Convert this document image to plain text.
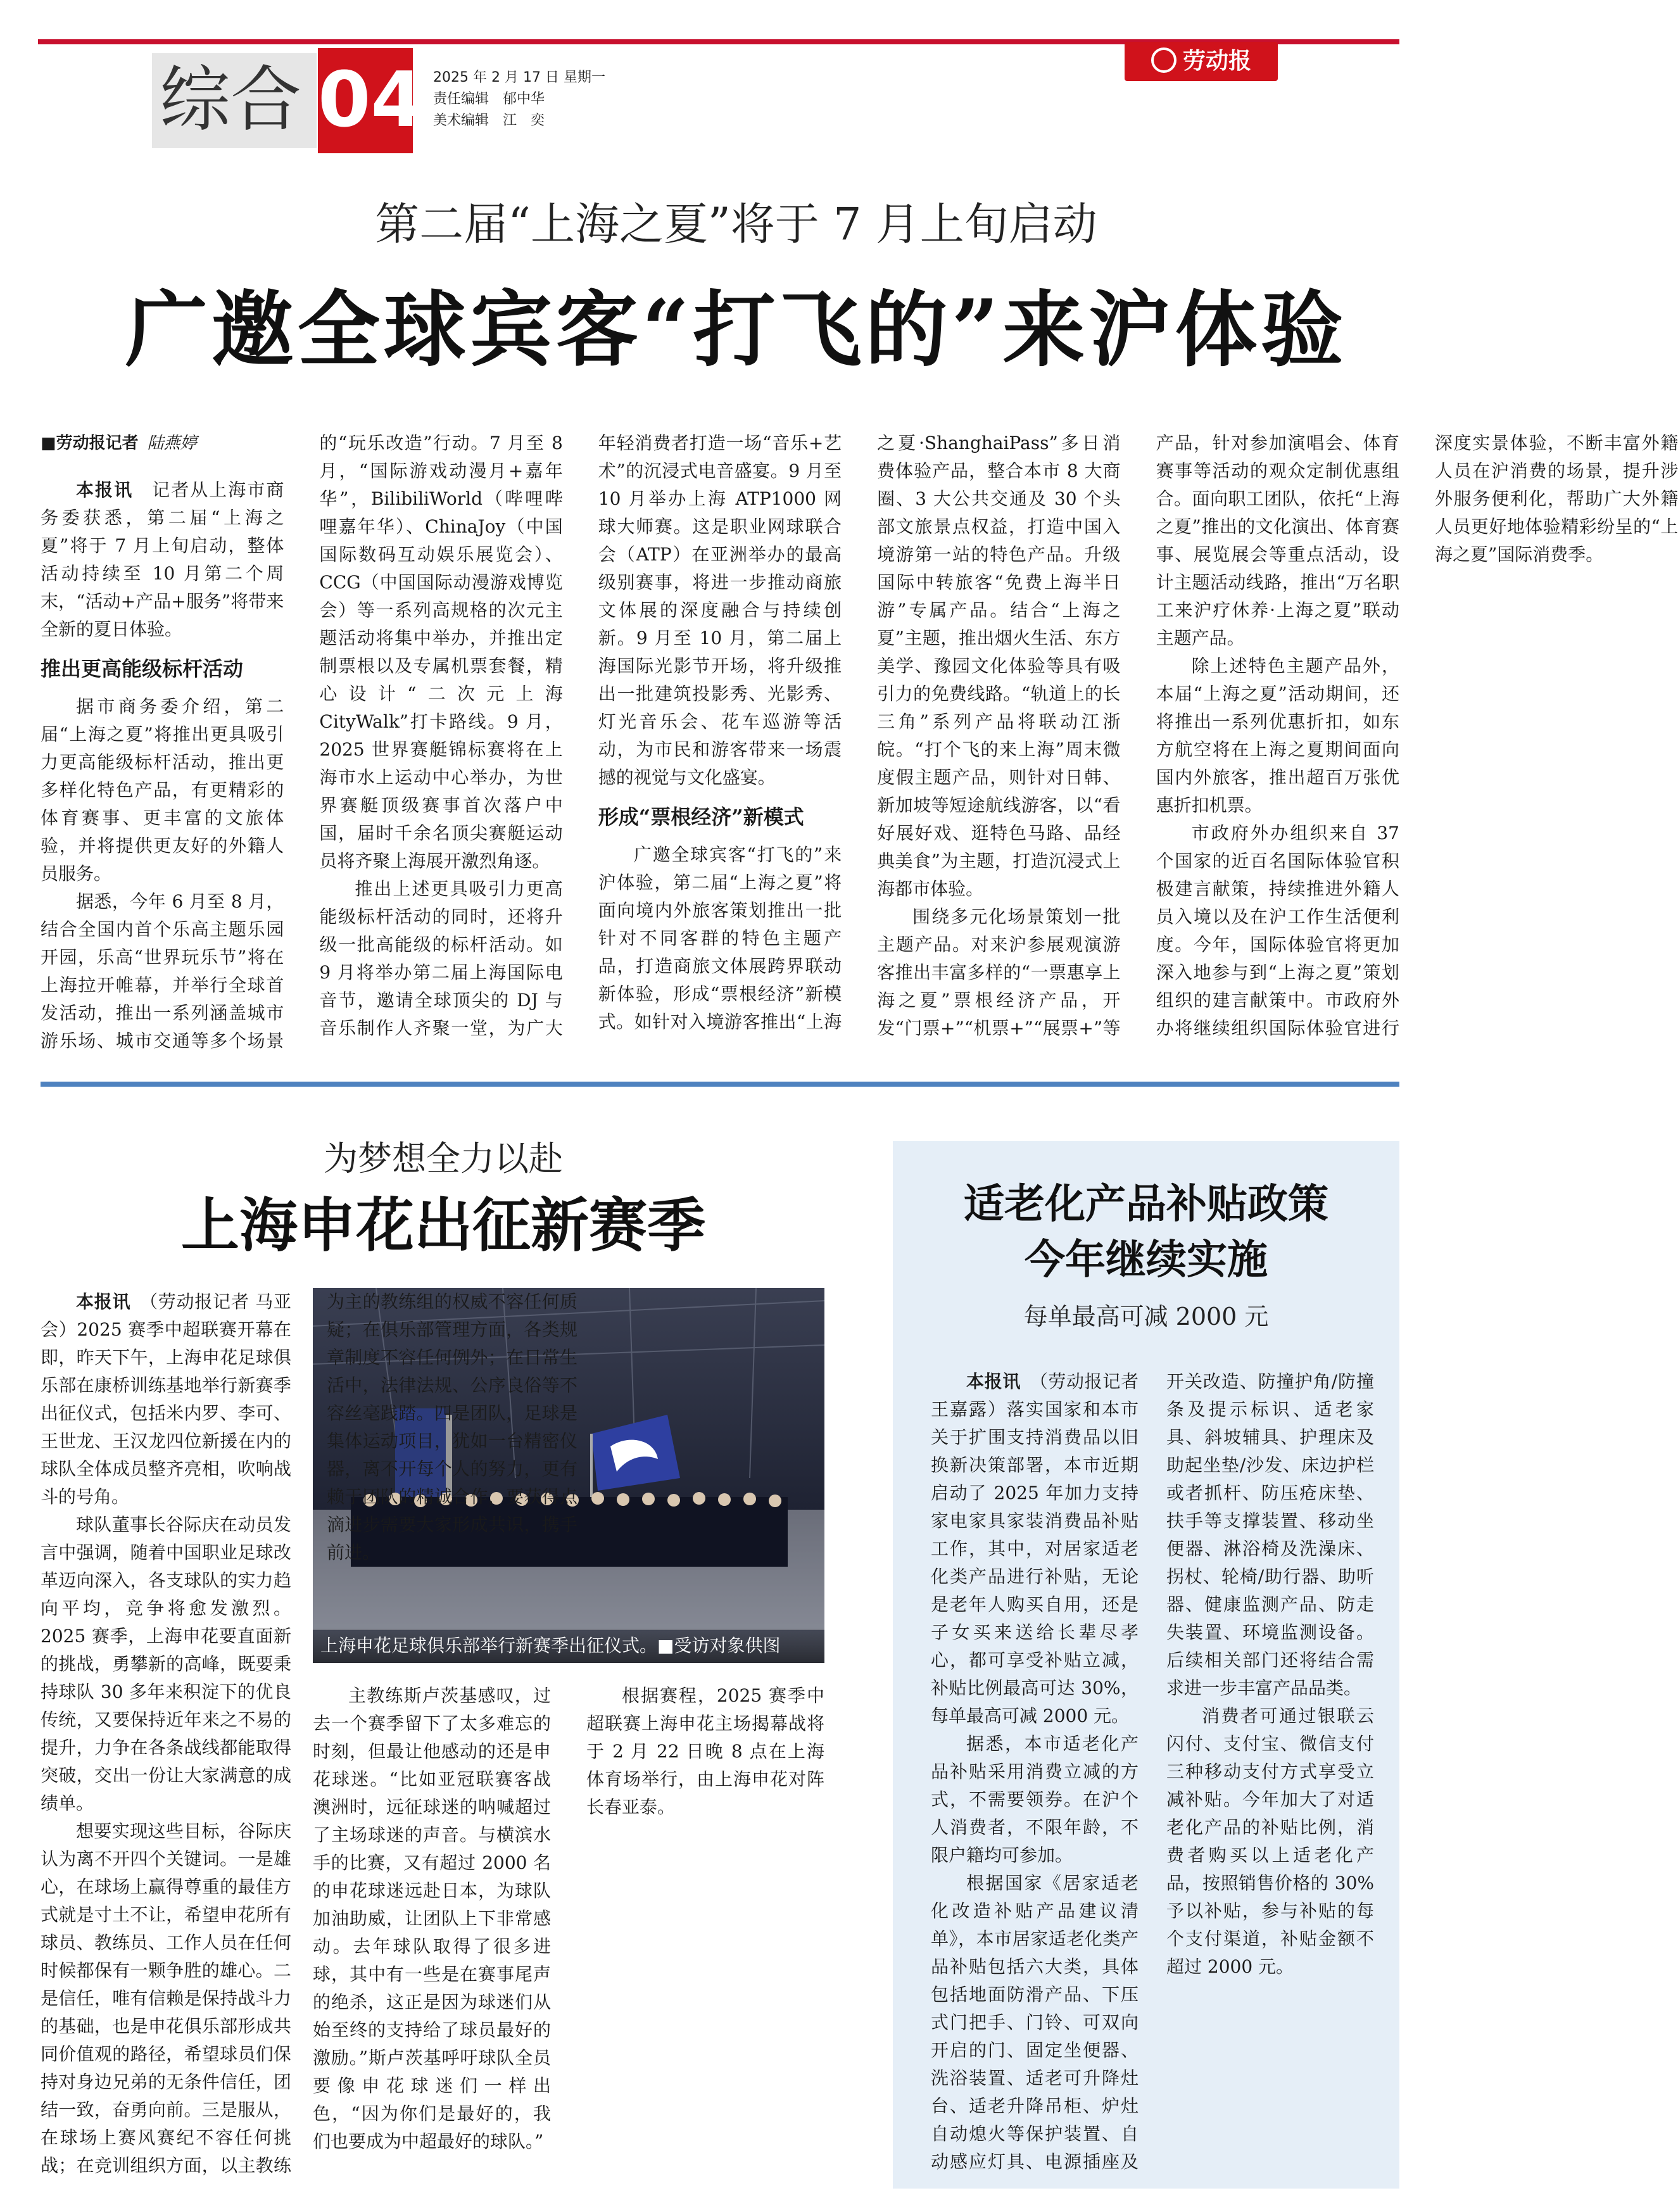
综合 04 2025 年 2 月 17 日 星期一
责任编辑　郁中华
美术编辑　江　奕
劳动报
第二届“上海之夏”将于 7 月上旬启动
广邀全球宾客“打飞的”来沪体验
■劳动报记者 陆燕婷

本报讯　 记者从上海市商务委获悉，第二届“上海之夏”将于 7 月上旬启动，整体活动持续至 10 月第二个周末，“活动+产品+服务”将带来全新的夏日体验。

推出更高能级标杆活动

据市商务委介绍，第二届“上海之夏”将推出更具吸引力更高能级标杆活动，推出更多样化特色产品，有更精彩的体育赛事、更丰富的文旅体验，并将提供更友好的外籍人员服务。

据悉，今年 6 月至 8 月，结合全国内首个乐高主题乐园开园，乐高“世界玩乐节”将在上海拉开帷幕，并举行全球首发活动，推出一系列涵盖城市游乐场、城市交通等多个场景的“玩乐改造”行动。7 月至 8 月，“国际游戏动漫月+嘉年华”，BilibiliWorld（哔哩哔哩嘉年华）、ChinaJoy（中国国际数码互动娱乐展览会）、CCG（中国国际动漫游戏博览会）等一系列高规格的次元主题活动将集中举办，并推出定制票根以及专属机票套餐，精心设计“二次元上海 CityWalk”打卡路线。9 月，2025 世界赛艇锦标赛将在上海市水上运动中心举办，为世界赛艇顶级赛事首次落户中国，届时千余名顶尖赛艇运动员将齐聚上海展开激烈角逐。

推出上述更具吸引力更高能级标杆活动的同时，还将升级一批高能级的标杆活动。如 9 月将举办第二届上海国际电音节，邀请全球顶尖的 DJ 与音乐制作人齐聚一堂，为广大年轻消费者打造一场“音乐+艺术”的沉浸式电音盛宴。9 月至 10 月举办上海 ATP1000 网球大师赛。这是职业网球联合会（ATP）在亚洲举办的最高级别赛事，将进一步推动商旅文体展的深度融合与持续创新。9 月至 10 月，第二届上海国际光影节开场，将升级推出一批建筑投影秀、光影秀、灯光音乐会、花车巡游等活动，为市民和游客带来一场震撼的视觉与文化盛宴。

形成“票根经济”新模式

广邀全球宾客“打飞的”来沪体验，第二届“上海之夏”将面向境内外旅客策划推出一批针对不同客群的特色主题产品，打造商旅文体展跨界联动新体验，形成“票根经济”新模式。如针对入境游客推出“上海之夏·ShanghaiPass”多日消费体验产品，整合本市 8 大商圈、3 大公共交通及 30 个头部文旅景点权益，打造中国入境游第一站的特色产品。升级国际中转旅客“免费上海半日游”专属产品。结合“上海之夏”主题，推出烟火生活、东方美学、豫园文化体验等具有吸引力的免费线路。“轨道上的长三角”系列产品将联动江浙皖。“打个飞的来上海”周末微度假主题产品，则针对日韩、新加坡等短途航线游客，以“看好展好戏、逛特色马路、品经典美食”为主题，打造沉浸式上海都市体验。

围绕多元化场景策划一批主题产品。对来沪参展观演游客推出丰富多样的“一票惠享上海之夏”票根经济产品，开发“门票+”“机票+”“展票+”等产品，针对参加演唱会、体育赛事等活动的观众定制优惠组合。面向职工团队，依托“上海之夏”推出的文化演出、体育赛事、展览展会等重点活动，设计主题活动线路，推出“万名职工来沪疗休养·上海之夏”联动主题产品。

除上述特色主题产品外，本届“上海之夏”活动期间，还将推出一系列优惠折扣，如东方航空将在上海之夏期间面向国内外旅客，推出超百万张优惠折扣机票。

市政府外办组织来自 37 个国家的近百名国际体验官积极建言献策，持续推进外籍人员入境以及在沪工作生活便利度。今年，国际体验官将更加深入地参与到“上海之夏”策划组织的建言献策中。市政府外办将继续组织国际体验官进行深度实景体验，不断丰富外籍人员在沪消费的场景，提升涉外服务便利化，帮助广大外籍人员更好地体验精彩纷呈的“上海之夏”国际消费季。

为梦想全力以赴
上海申花出征新赛季
上海申花足球俱乐部举行新赛季出征仪式。■受访对象供图

本报讯　 （劳动报记者 马亚会）2025 赛季中超联赛开幕在即，昨天下午，上海申花足球俱乐部在康桥训练基地举行新赛季出征仪式，包括米内罗、李可、王世龙、王汉龙四位新援在内的球队全体成员整齐亮相，吹响战斗的号角。

球队董事长谷际庆在动员发言中强调，随着中国职业足球改革迈向深入，各支球队的实力趋向平均，竞争将愈发激烈。2025 赛季，上海申花要直面新的挑战，勇攀新的高峰，既要秉持球队 30 多年来积淀下的优良传统，又要保持近年来之不易的提升，力争在各条战线都能取得突破，交出一份让大家满意的成绩单。

想要实现这些目标，谷际庆认为离不开四个关键词。一是雄心，在球场上赢得尊重的最佳方式就是寸土不让，希望申花所有球员、教练员、工作人员在任何时候都保有一颗争胜的雄心。二是信任，唯有信赖是保持战斗力的基础，也是申花俱乐部形成共同价值观的路径，希望球员们保持对身边兄弟的无条件信任，团结一致，奋勇向前。三是服从，在球场上赛风赛纪不容任何挑战；在竞训组织方面，以主教练为主的教练组的权威不容任何质疑；在俱乐部管理方面，各类规章制度不容任何例外；在日常生活中，法律法规、公序良俗等不容丝毫践踏。四是团队，足球是集体运动项目，犹如一台精密仪器，离不开每个人的努力，更有赖于团队的精诚合作，要获得点滴进步需要大家形成共识，携手前进。

主教练斯卢茨基感叹，过去一个赛季留下了太多难忘的时刻，但最让他感动的还是申花球迷。“比如亚冠联赛客战澳洲时，远征球迷的呐喊超过了主场球迷的声音。与横滨水手的比赛，又有超过 2000 名的申花球迷远赴日本，为球队加油助威，让团队上下非常感动。去年球队取得了很多进球，其中有一些是在赛事尾声的绝杀，这正是因为球迷们从始至终的支持给了球员最好的激励。”斯卢茨基呼吁球队全员要像申花球迷们一样出色，“因为你们是最好的，我们也要成为中超最好的球队。”

根据赛程，2025 赛季中超联赛上海申花主场揭幕战将于 2 月 22 日晚 8 点在上海体育场举行，由上海申花对阵长春亚泰。

适老化产品补贴政策
今年继续实施
每单最高可减 2000 元

本报讯　 （劳动报记者 王嘉露）落实国家和本市关于扩围支持消费品以旧换新决策部署，本市近期启动了 2025 年加力支持家电家具家装消费品补贴工作，其中，对居家适老化类产品进行补贴，无论是老年人购买自用，还是子女买来送给长辈尽孝心，都可享受补贴立减，补贴比例最高可达 30%，每单最高可减 2000 元。

据悉，本市适老化产品补贴采用消费立减的方式，不需要领券。在沪个人消费者，不限年龄，不限户籍均可参加。

根据国家《居家适老化改造补贴产品建议清单》，本市居家适老化类产品补贴包括六大类，具体包括地面防滑产品、下压式门把手、门铃、可双向开启的门、固定坐便器、洗浴装置、适老可升降灶台、适老升降吊柜、炉灶自动熄火等保护装置、自动感应灯具、电源插座及开关改造、防撞护角/防撞条及提示标识、适老家具、斜坡辅具、护理床及助起坐垫/沙发、床边护栏或者抓杆、防压疮床垫、扶手等支撑装置、移动坐便器、淋浴椅及洗澡床、拐杖、轮椅/助行器、助听器、健康监测产品、防走失装置、环境监测设备。后续相关部门还将结合需求进一步丰富产品品类。

消费者可通过银联云闪付、支付宝、微信支付三种移动支付方式享受立减补贴。今年加大了对适老化产品的补贴比例，消费者购买以上适老化产品，按照销售价格的 30% 予以补贴，参与补贴的每个支付渠道，补贴金额不超过 2000 元。
